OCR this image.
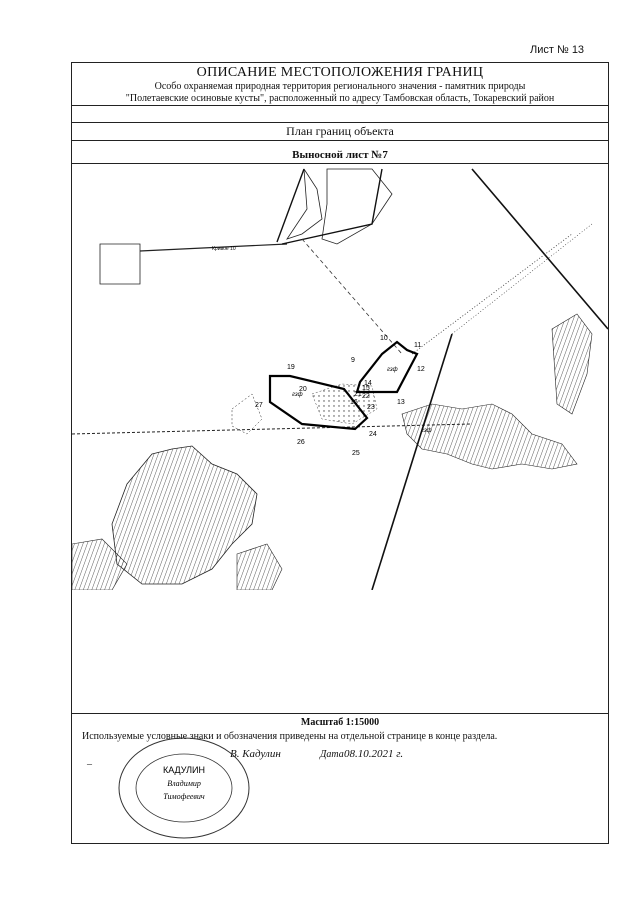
Лист № 13
ОПИСАНИЕ МЕСТОПОЛОЖЕНИЯ ГРАНИЦ
Особо охраняемая природная территория регионального значения - памятник природы
"Полетаевские осиновые кусты", расположенный по адресу Тамбовская область, Токаревский район
План границ объекта
Выносной лист №7
Кривое 10
гзф
гзф
гзф
10
11
12
13
14
15
16
19
20
21 22
23
24
25
26
27
9
Масштаб 1:15000
Используемые условные знаки и обозначения приведены на отдельной странице в конце раздела.
–
В. Кадулин	Дата 08.10.2021 г.
КАДУЛИН
Владимир
Тимофеевич
